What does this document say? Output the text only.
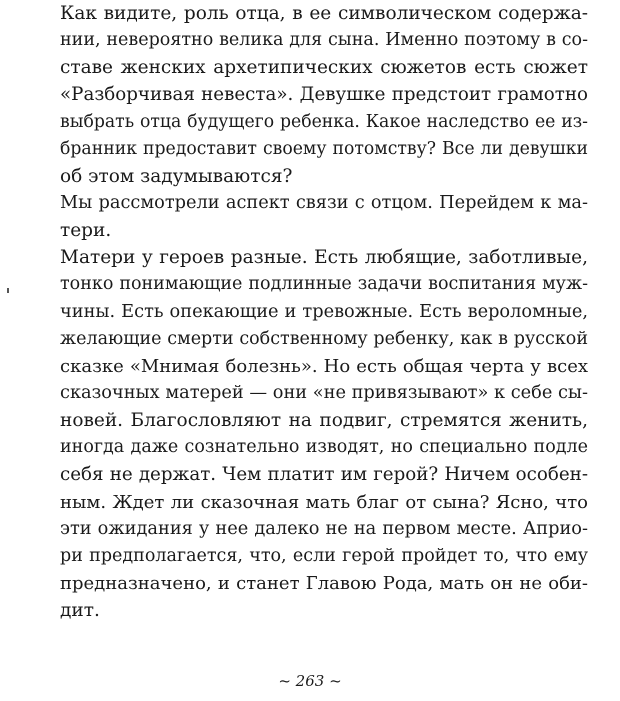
Как видите, роль отца, в ее символическом содержа-
нии, невероятно велика для сына. Именно поэтому в со-
ставе женских архетипических сюжетов есть сюжет
«Разборчивая невеста». Девушке предстоит грамотно
выбрать отца будущего ребенка. Какое наследство ее из-
бранник предоставит своему потомству? Все ли девушки
об этом задумываются?
Мы рассмотрели аспект связи с отцом. Перейдем к ма-
тери.
Матери у героев разные. Есть любящие, заботливые,
тонко понимающие подлинные задачи воспитания муж-
чины. Есть опекающие и тревожные. Есть вероломные,
желающие смерти собственному ребенку, как в русской
сказке «Мнимая болезнь». Но есть общая черта у всех
сказочных матерей — они «не привязывают» к себе сы-
новей. Благословляют на подвиг, стремятся женить,
иногда даже сознательно изводят, но специально подле
себя не держат. Чем платит им герой? Ничем особен-
ным. Ждет ли сказочная мать благ от сына? Ясно, что
эти ожидания у нее далеко не на первом месте. Априо-
ри предполагается, что, если герой пройдет то, что ему
предназначено, и станет Главою Рода, мать он не оби-
дит.
~ 263 ~
